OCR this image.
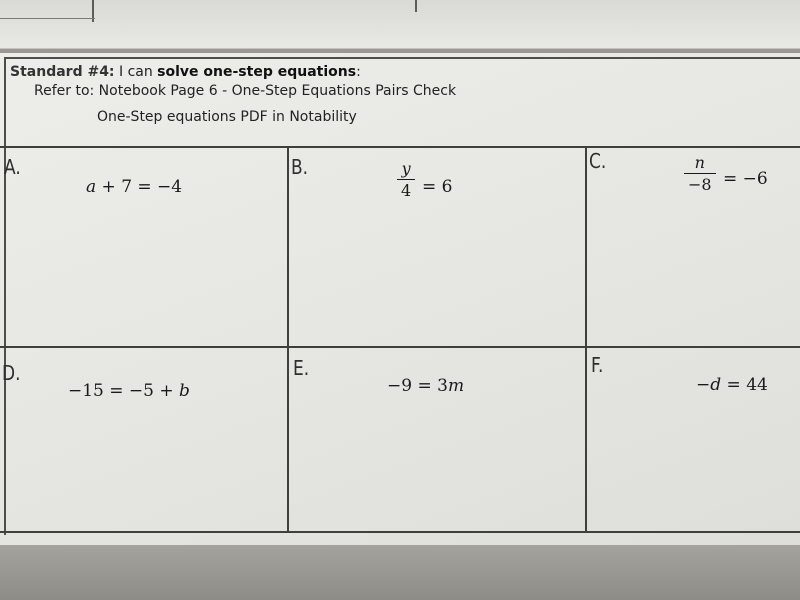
Standard #4: I can solve one-step equations:
Refer to: Notebook Page 6 - One-Step Equations Pairs Check
One-Step equations PDF in Notability
A.
a + 7 = −4
B.	y
4 = 6
C.	n
−8 = −6
D.
−15 = −5 + b
E.
−9 = 3m
F.
−d = 44
